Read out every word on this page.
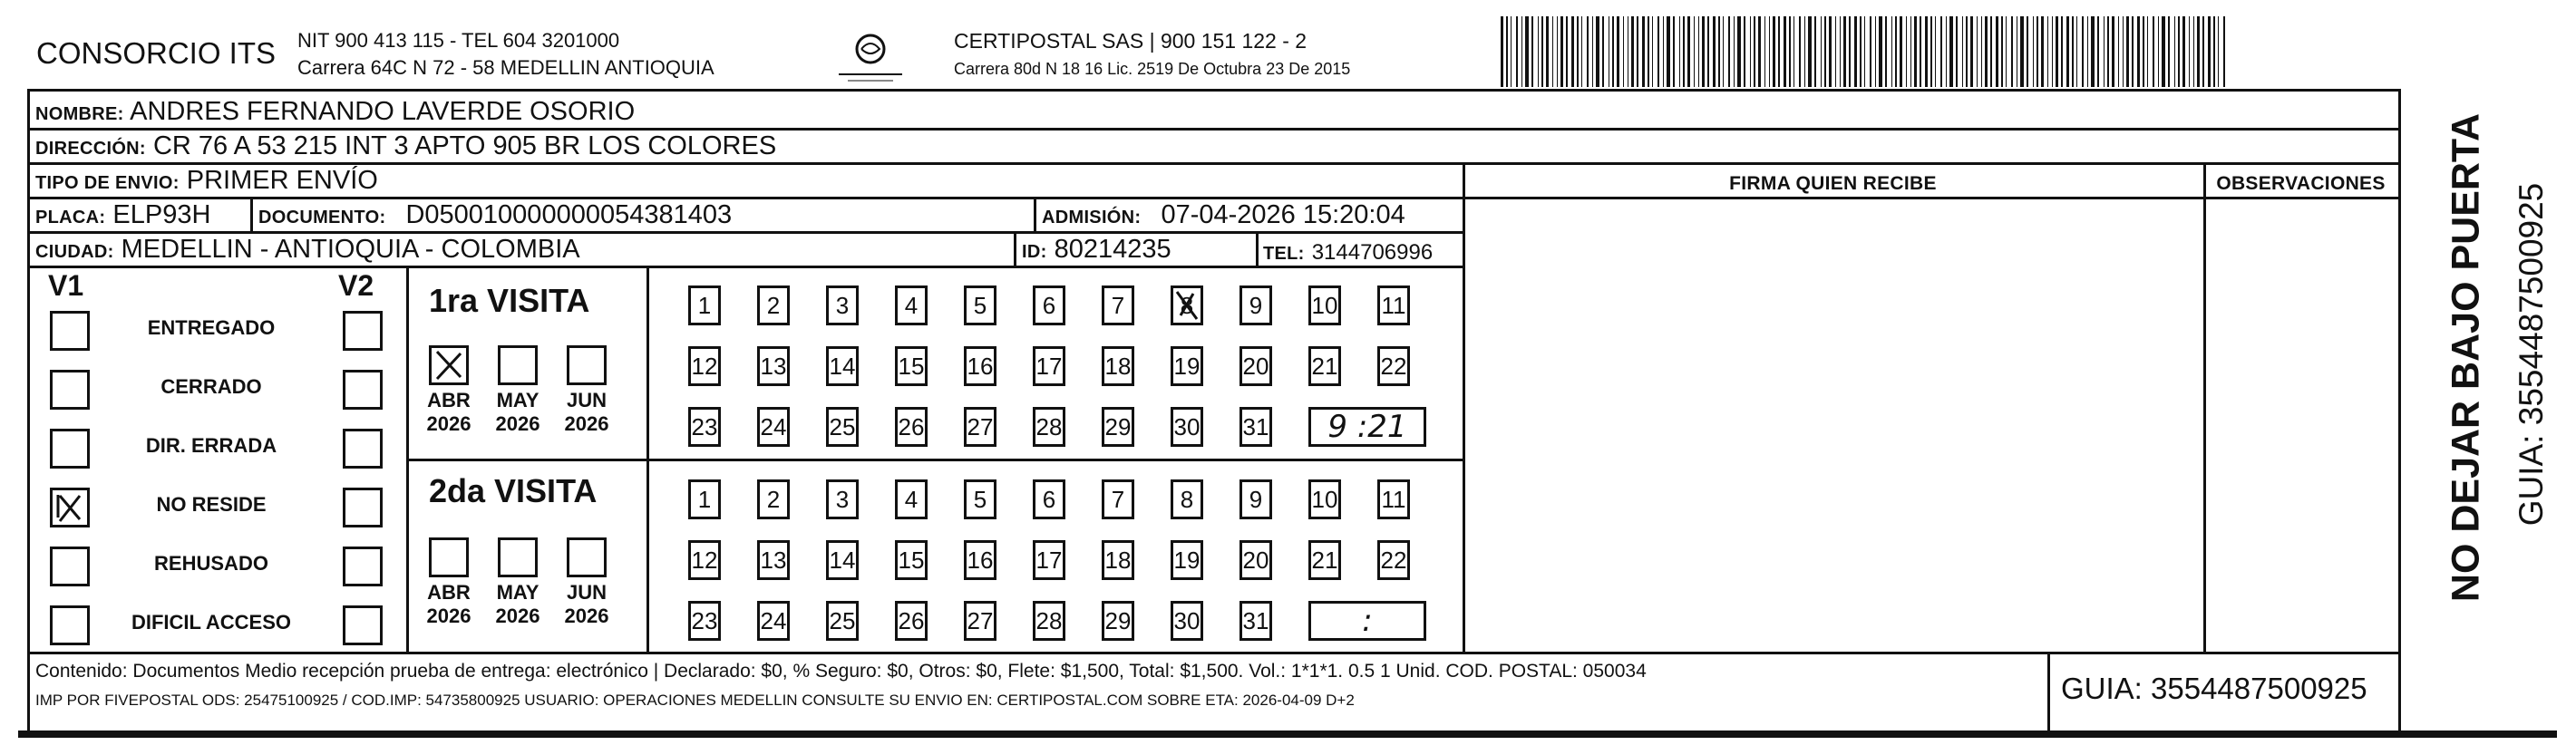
CONSORCIO ITS NIT 900 413 115 - TEL 604 3201000
Carrera 64C N 72 - 58 MEDELLIN ANTIOQUIA
CERTIPOSTAL SAS | 900 151 122 - 2
Carrera 80d N 18 16 Lic. 2519 De Octubra 23 De 2015
NOMBRE: ANDRES FERNANDO LAVERDE OSORIO
DIRECCIÓN: CR 76 A 53 215 INT 3 APTO 905 BR LOS COLORES
TIPO DE ENVIO: PRIMER ENVÍO	FIRMA QUIEN RECIBE	OBSERVACIONES
PLACA: ELP93H	DOCUMENTO: D050010000000054381403	ADMISIÓN: 07-04-2026 15:20:04
CIUDAD: MEDELLIN - ANTIOQUIA - COLOMBIA	ID: 80214235	TEL: 3144706996
V1	V2
ENTREGADO
CERRADO
DIR. ERRADA
NO RESIDE
REHUSADO
DIFICIL ACCESO
1ra VISITA
ABR
2026
MAY
2026
JUN
2026
1	2	3	4	5	6	7	8	9	10 11
12 13 14 15 16 17 18 19 20 21 22
23 24 25 26 27 28 29 30 31	9 :21
2da VISITA
ABR
2026
MAY
2026
JUN
2026
1	2	3	4	5	6	7	8	9	10 11
12 13 14 15 16 17 18 19 20 21 22
23 24 25 26 27 28 29 30 31	:
Contenido: Documentos Medio recepción prueba de entrega: electrónico | Declarado: $0, % Seguro: $0, Otros: $0, Flete: $1,500, Total: $1,500. Vol.: 1*1*1. 0.5 1 Unid. COD. POSTAL: 050034
IMP POR FIVEPOSTAL ODS: 25475100925 / COD.IMP: 54735800925 USUARIO: OPERACIONES MEDELLIN CONSULTE SU ENVIO EN: CERTIPOSTAL.COM SOBRE ETA: 2026-04-09 D+2	GUIA: 3554487500925
NO DEJAR BAJO PUERTA GUIA: 3554487500925
